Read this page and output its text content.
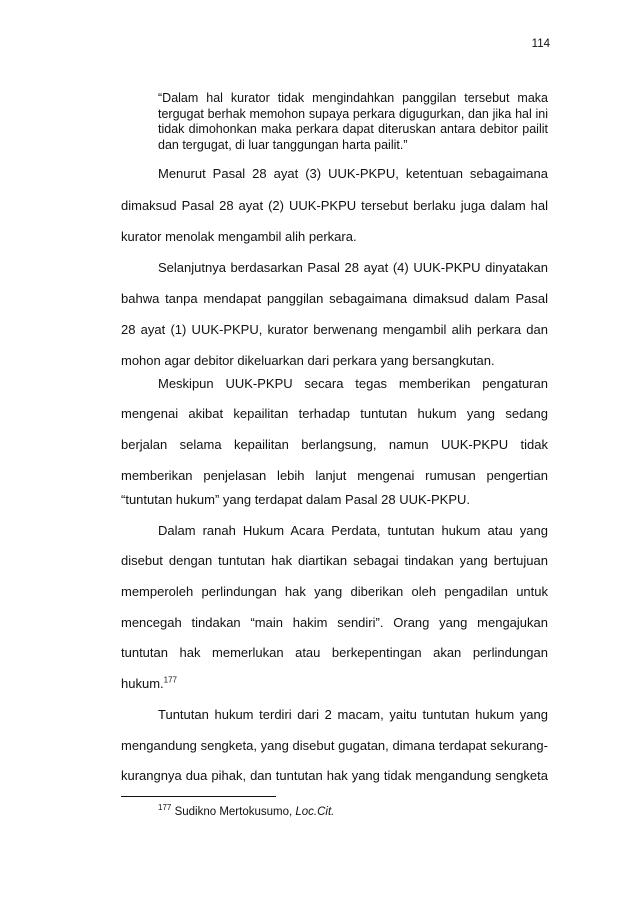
114
“Dalam hal kurator tidak mengindahkan panggilan tersebut maka tergugat berhak memohon supaya perkara digugurkan, dan jika hal ini tidak dimohonkan maka perkara dapat diteruskan antara debitor pailit dan tergugat, di luar tanggungan harta pailit.”
Menurut Pasal 28 ayat (3) UUK-PKPU, ketentuan sebagaimana
dimaksud Pasal 28 ayat (2) UUK-PKPU tersebut berlaku juga dalam hal
kurator menolak mengambil alih perkara.
Selanjutnya berdasarkan Pasal 28 ayat (4) UUK-PKPU dinyatakan
bahwa tanpa mendapat panggilan sebagaimana dimaksud dalam Pasal
28 ayat (1) UUK-PKPU, kurator berwenang mengambil alih perkara dan
mohon agar debitor dikeluarkan dari perkara yang bersangkutan.
Meskipun UUK-PKPU secara tegas memberikan pengaturan
mengenai akibat kepailitan terhadap tuntutan hukum yang sedang
berjalan selama kepailitan berlangsung, namun UUK-PKPU tidak
memberikan penjelasan lebih lanjut mengenai rumusan pengertian
“tuntutan hukum” yang terdapat dalam Pasal 28 UUK-PKPU.
Dalam ranah Hukum Acara Perdata, tuntutan hukum atau yang
disebut dengan tuntutan hak diartikan sebagai tindakan yang bertujuan
memperoleh perlindungan hak yang diberikan oleh pengadilan untuk
mencegah tindakan “main hakim sendiri”. Orang yang mengajukan
tuntutan hak memerlukan atau berkepentingan akan perlindungan
hukum.$^{177}$
Tuntutan hukum terdiri dari 2 macam, yaitu tuntutan hukum yang
mengandung sengketa, yang disebut gugatan, dimana terdapat sekurang-
kurangnya dua pihak, dan tuntutan hak yang tidak mengandung sengketa
$^{177}$ Sudikno Mertokusumo, Loc.Cit.
